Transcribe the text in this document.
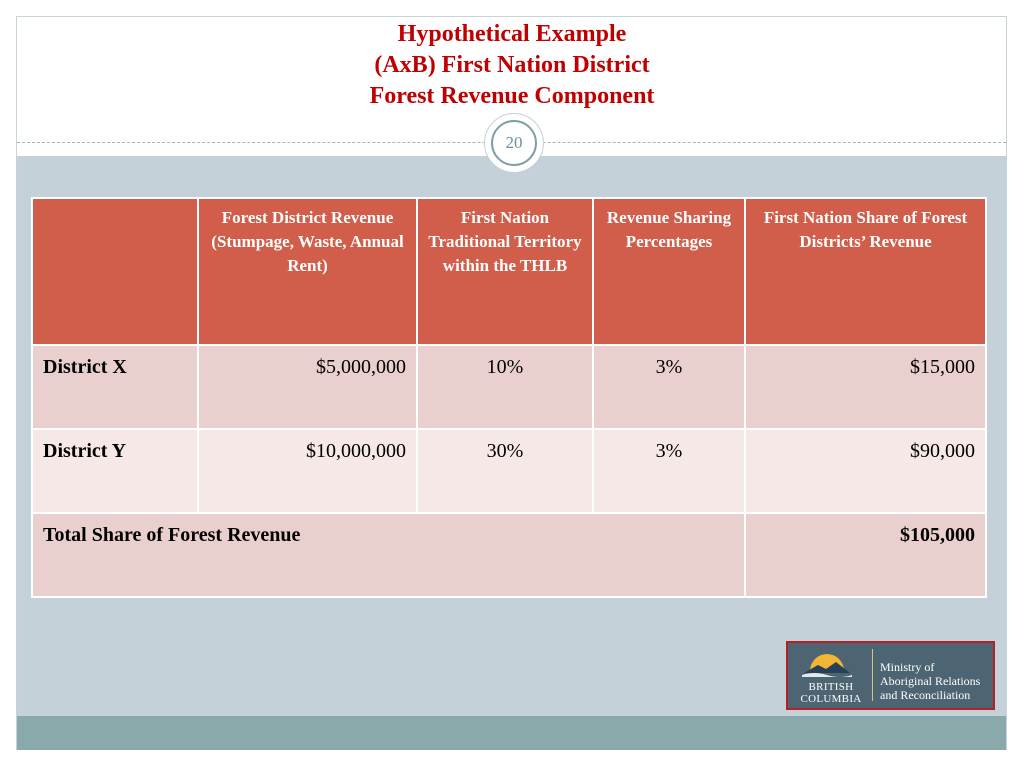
Hypothetical Example
(AxB) First Nation District
Forest Revenue Component
20
	Forest District Revenue (Stumpage, Waste, Annual Rent)	First Nation Traditional Territory within the THLB	Revenue Sharing Percentages	First Nation Share of Forest Districts’ Revenue
District X	$5,000,000	10%	3%	$15,000
District Y	$10,000,000	30%	3%	$90,000
Total Share of Forest Revenue				$105,000
BRITISH
COLUMBIA
Ministry of
Aboriginal Relations
and Reconciliation
